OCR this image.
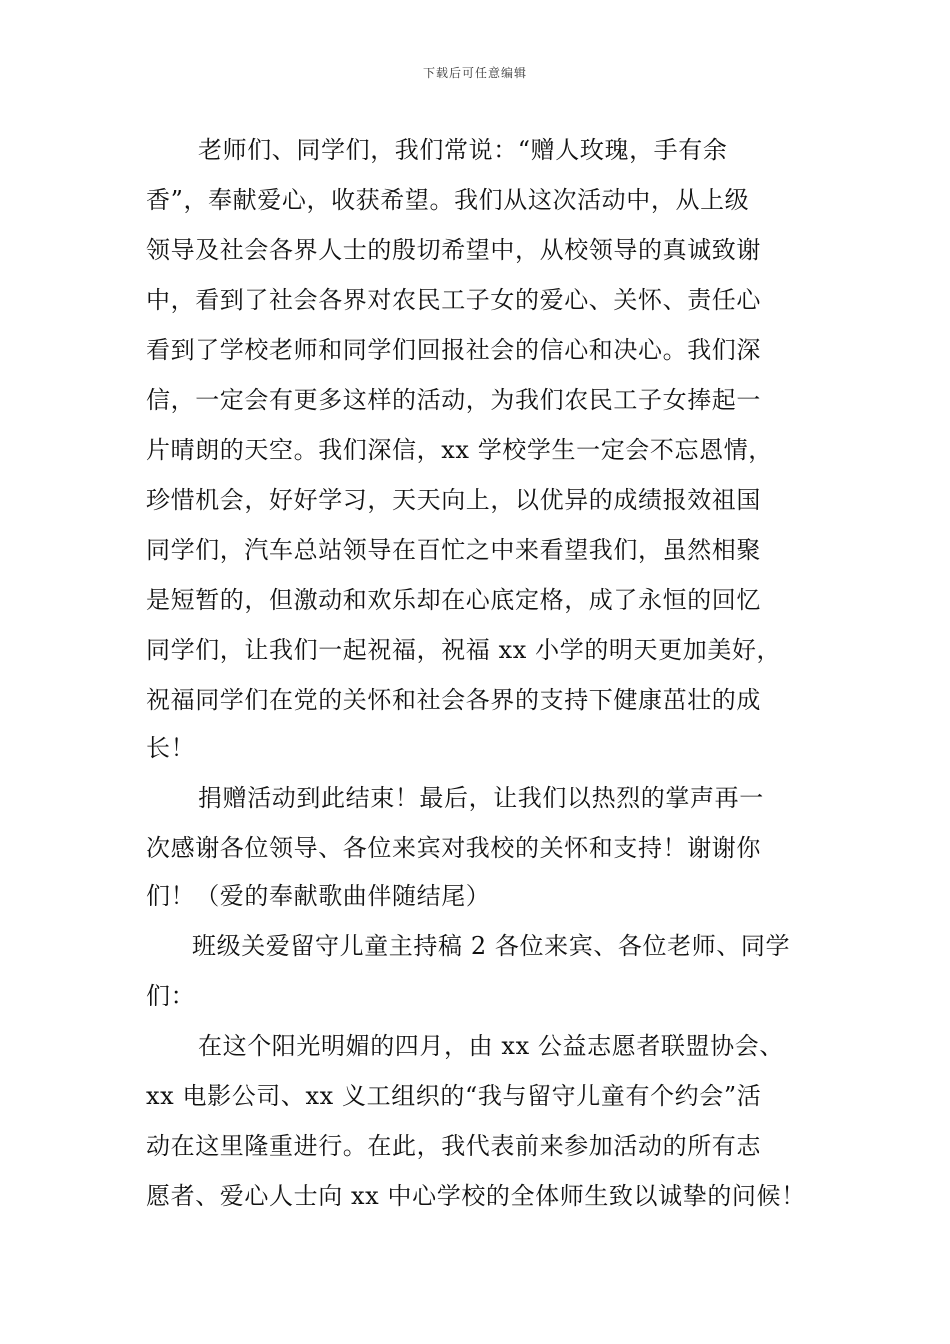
下载后可任意编辑
老师们、同学们，我们常说：“赠人玫瑰，手有余
香”，奉献爱心，收获希望。我们从这次活动中，从上级
领导及社会各界人士的殷切希望中，从校领导的真诚致谢
中，看到了社会各界对农民工子女的爱心、关怀、责任心
看到了学校老师和同学们回报社会的信心和决心。我们深
信，一定会有更多这样的活动，为我们农民工子女捧起一
片晴朗的天空。我们深信，xx 学校学生一定会不忘恩情，
珍惜机会，好好学习，天天向上，以优异的成绩报效祖国
同学们，汽车总站领导在百忙之中来看望我们，虽然相聚
是短暂的，但激动和欢乐却在心底定格，成了永恒的回忆
同学们，让我们一起祝福，祝福 xx 小学的明天更加美好，
祝福同学们在党的关怀和社会各界的支持下健康茁壮的成
长！
捐赠活动到此结束！最后，让我们以热烈的掌声再一
次感谢各位领导、各位来宾对我校的关怀和支持！谢谢你
们！（爱的奉献歌曲伴随结尾）
班级关爱留守儿童主持稿 2 各位来宾、各位老师、同学
们：
在这个阳光明媚的四月，由 xx 公益志愿者联盟协会、
xx 电影公司、xx 义工组织的“我与留守儿童有个约会”活
动在这里隆重进行。在此，我代表前来参加活动的所有志
愿者、爱心人士向 xx 中心学校的全体师生致以诚挚的问候！
